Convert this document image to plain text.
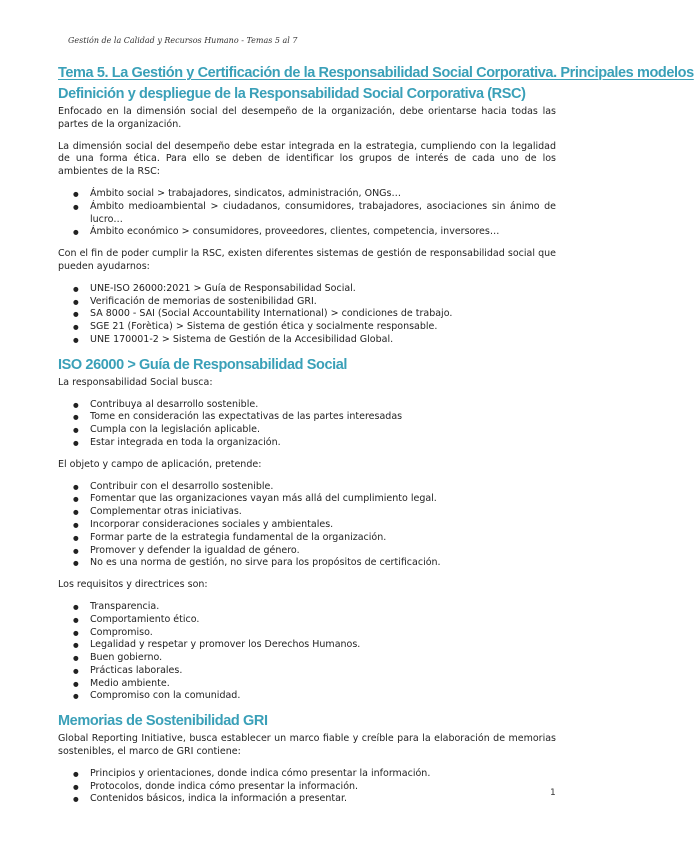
Gestión de la Calidad y Recursos Humano - Temas 5 al 7
Tema 5. La Gestión y Certificación de la Responsabilidad Social Corporativa. Principales modelos
Definición y despliegue de la Responsabilidad Social Corporativa (RSC)

Enfocado en la dimensión social del desempeño de la organización, debe orientarse hacia todas las partes de la organización.

La dimensión social del desempeño debe estar integrada en la estrategia, cumpliendo con la legalidad de una forma ética. Para ello se deben de identificar los grupos de interés de cada uno de los ambientes de la RSC:

● Ámbito social > trabajadores, sindicatos, administración, ONGs…
● Ámbito medioambiental > ciudadanos, consumidores, trabajadores, asociaciones sin ánimo de lucro…
● Ámbito económico > consumidores, proveedores, clientes, competencia, inversores…

Con el fin de poder cumplir la RSC, existen diferentes sistemas de gestión de responsabilidad social que pueden ayudarnos:

● UNE-ISO 26000:2021 > Guía de Responsabilidad Social.
● Verificación de memorias de sostenibilidad GRI.
● SA 8000 - SAI (Social Accountability International) > condiciones de trabajo.
● SGE 21 (Forètica) > Sistema de gestión ética y socialmente responsable.
● UNE 170001-2 > Sistema de Gestión de la Accesibilidad Global.
ISO 26000 > Guía de Responsabilidad Social

La responsabilidad Social busca:

● Contribuya al desarrollo sostenible.
● Tome en consideración las expectativas de las partes interesadas
● Cumpla con la legislación aplicable.
● Estar integrada en toda la organización.

El objeto y campo de aplicación, pretende:

● Contribuir con el desarrollo sostenible.
● Fomentar que las organizaciones vayan más allá del cumplimiento legal.
● Complementar otras iniciativas.
● Incorporar consideraciones sociales y ambientales.
● Formar parte de la estrategia fundamental de la organización.
● Promover y defender la igualdad de género.
● No es una norma de gestión, no sirve para los propósitos de certificación.

Los requisitos y directrices son:

● Transparencia.
● Comportamiento ético.
● Compromiso.
● Legalidad y respetar y promover los Derechos Humanos.
● Buen gobierno.
● Prácticas laborales.
● Medio ambiente.
● Compromiso con la comunidad.
Memorias de Sostenibilidad GRI

Global Reporting Initiative, busca establecer un marco fiable y creíble para la elaboración de memorias sostenibles, el marco de GRI contiene:

● Principios y orientaciones, donde indica cómo presentar la información.
● Protocolos, donde indica cómo presentar la información.
● Contenidos básicos, indica la información a presentar.
1
